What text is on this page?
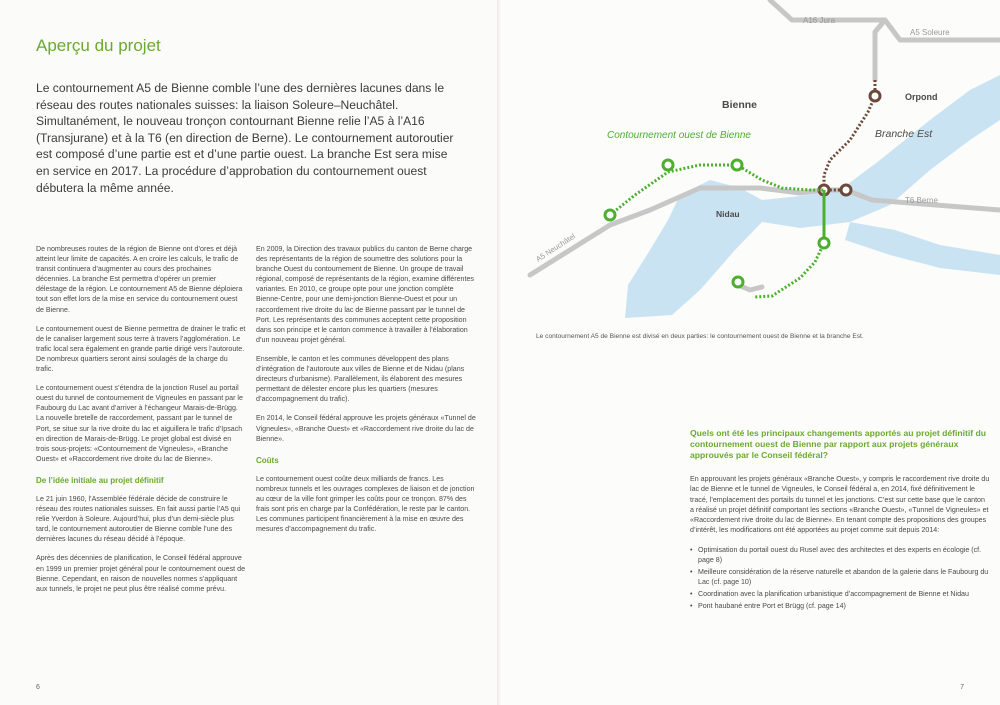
Aperçu du projet

Le contournement A5 de Bienne comble l’une des dernières lacunes dans le réseau des routes nationales suisses: la liaison Soleure–Neuchâtel. Simultanément, le nouveau tronçon contournant Bienne relie l’A5 à l’A16 (Transjurane) et à la T6 (en direction de Berne). Le contournement autoroutier est composé d’une partie est et d’une partie ouest. La branche Est sera mise en service en 2017. La procédure d’approbation du contournement ouest débutera la même année.

De nombreuses routes de la région de Bienne ont d’ores et déjà atteint leur limite de capacités. A en croire les calculs, le trafic de transit continuera d’augmenter au cours des prochaines décennies. La branche Est permettra d’opérer un premier délestage de la région. Le contournement A5 de Bienne déploiera tout son effet lors de la mise en service du contournement ouest de Bienne.

Le contournement ouest de Bienne permettra de drainer le trafic et de le canaliser largement sous terre à travers l’agglomération. Le trafic local sera également en grande partie dirigé vers l’autoroute. De nombreux quartiers seront ainsi soulagés de la charge du trafic.

Le contournement ouest s’étendra de la jonction Rusel au portail ouest du tunnel de contournement de Vigneules en passant par le Faubourg du Lac avant d’arriver à l’échangeur Marais-de-Brügg. La nouvelle bretelle de raccordement, passant par le tunnel de Port, se situe sur la rive droite du lac et aiguillera le trafic d’Ipsach en direction de Marais-de-Brügg. Le projet global est divisé en trois sous-projets: «Contournement de Vigneules», «Branche Ouest» et «Raccordement rive droite du lac de Bienne».

De l’idée initiale au projet définitif

Le 21 juin 1960, l’Assemblée fédérale décide de construire le réseau des routes nationales suisses. En fait aussi partie l’A5 qui relie Yverdon à Soleure. Aujourd’hui, plus d’un demi-siècle plus tard, le contournement autoroutier de Bienne comble l’une des dernières lacunes du réseau décidé à l’époque.

Après des décennies de planification, le Conseil fédéral approuve en 1999 un premier projet général pour le contournement ouest de Bienne. Cependant, en raison de nouvelles normes s’appliquant aux tunnels, le projet ne peut plus être réalisé comme prévu.

En 2009, la Direction des travaux publics du canton de Berne charge des représentants de la région de soumettre des solutions pour la branche Ouest du contournement de Bienne. Un groupe de travail régional, composé de représentants de la région, examine différentes variantes. En 2010, ce groupe opte pour une jonction complète Bienne-Centre, pour une demi-jonction Bienne-Ouest et pour un raccordement rive droite du lac de Bienne passant par le tunnel de Port. Les représentants des communes acceptent cette proposition dans son principe et le canton commence à travailler à l’élaboration d’un nouveau projet général.

Ensemble, le canton et les communes développent des plans d’intégration de l’autoroute aux villes de Bienne et de Nidau (plans directeurs d’urbanisme). Parallèlement, ils élaborent des mesures permettant de délester encore plus les quartiers (mesures d’accompagnement du trafic).

En 2014, le Conseil fédéral approuve les projets généraux «Tunnel de Vigneules», «Branche Ouest» et «Raccordement rive droite du lac de Bienne».

Coûts

Le contournement ouest coûte deux milliards de francs. Les nombreux tunnels et les ouvrages complexes de liaison et de jonction au cœur de la ville font grimper les coûts pour ce tronçon. 87% des frais sont pris en charge par la Confédération, le reste par le canton. Les communes participent financièrement à la mise en œuvre des mesures d’accompagnement du trafic.

6
A16 Jura
A5 Soleure
Orpond
Bienne
Contournement ouest de Bienne	Branche Est
Nidau
T6 Berne
A5 Neuchâtel
Le contournement A5 de Bienne est divisé en deux parties: le contournement ouest de Bienne et la branche Est.

Quels ont été les principaux changements apportés au projet définitif du contournement ouest de Bienne par rapport aux projets généraux approuvés par le Conseil fédéral?

En approuvant les projets généraux «Branche Ouest», y compris le raccordement rive droite du lac de Bienne et le tunnel de Vigneules, le Conseil fédéral a, en 2014, fixé définitivement le tracé, l’emplacement des portails du tunnel et les jonctions. C’est sur cette base que le canton a réalisé un projet définitif comportant les sections «Branche Ouest», «Tunnel de Vigneules» et «Raccordement rive droite du lac de Bienne». En tenant compte des propositions des groupes d’intérêt, les modifications ont été apportées au projet comme suit depuis 2014:

• Optimisation du portail ouest du Rusel avec des architectes et des experts en écologie (cf. page 8)
• Meilleure considération de la réserve naturelle et abandon de la galerie dans le Faubourg du Lac (cf. page 10)
• Coordination avec la planification urbanistique d’accompagnement de Bienne et Nidau
• Pont haubané entre Port et Brügg (cf. page 14)
7
